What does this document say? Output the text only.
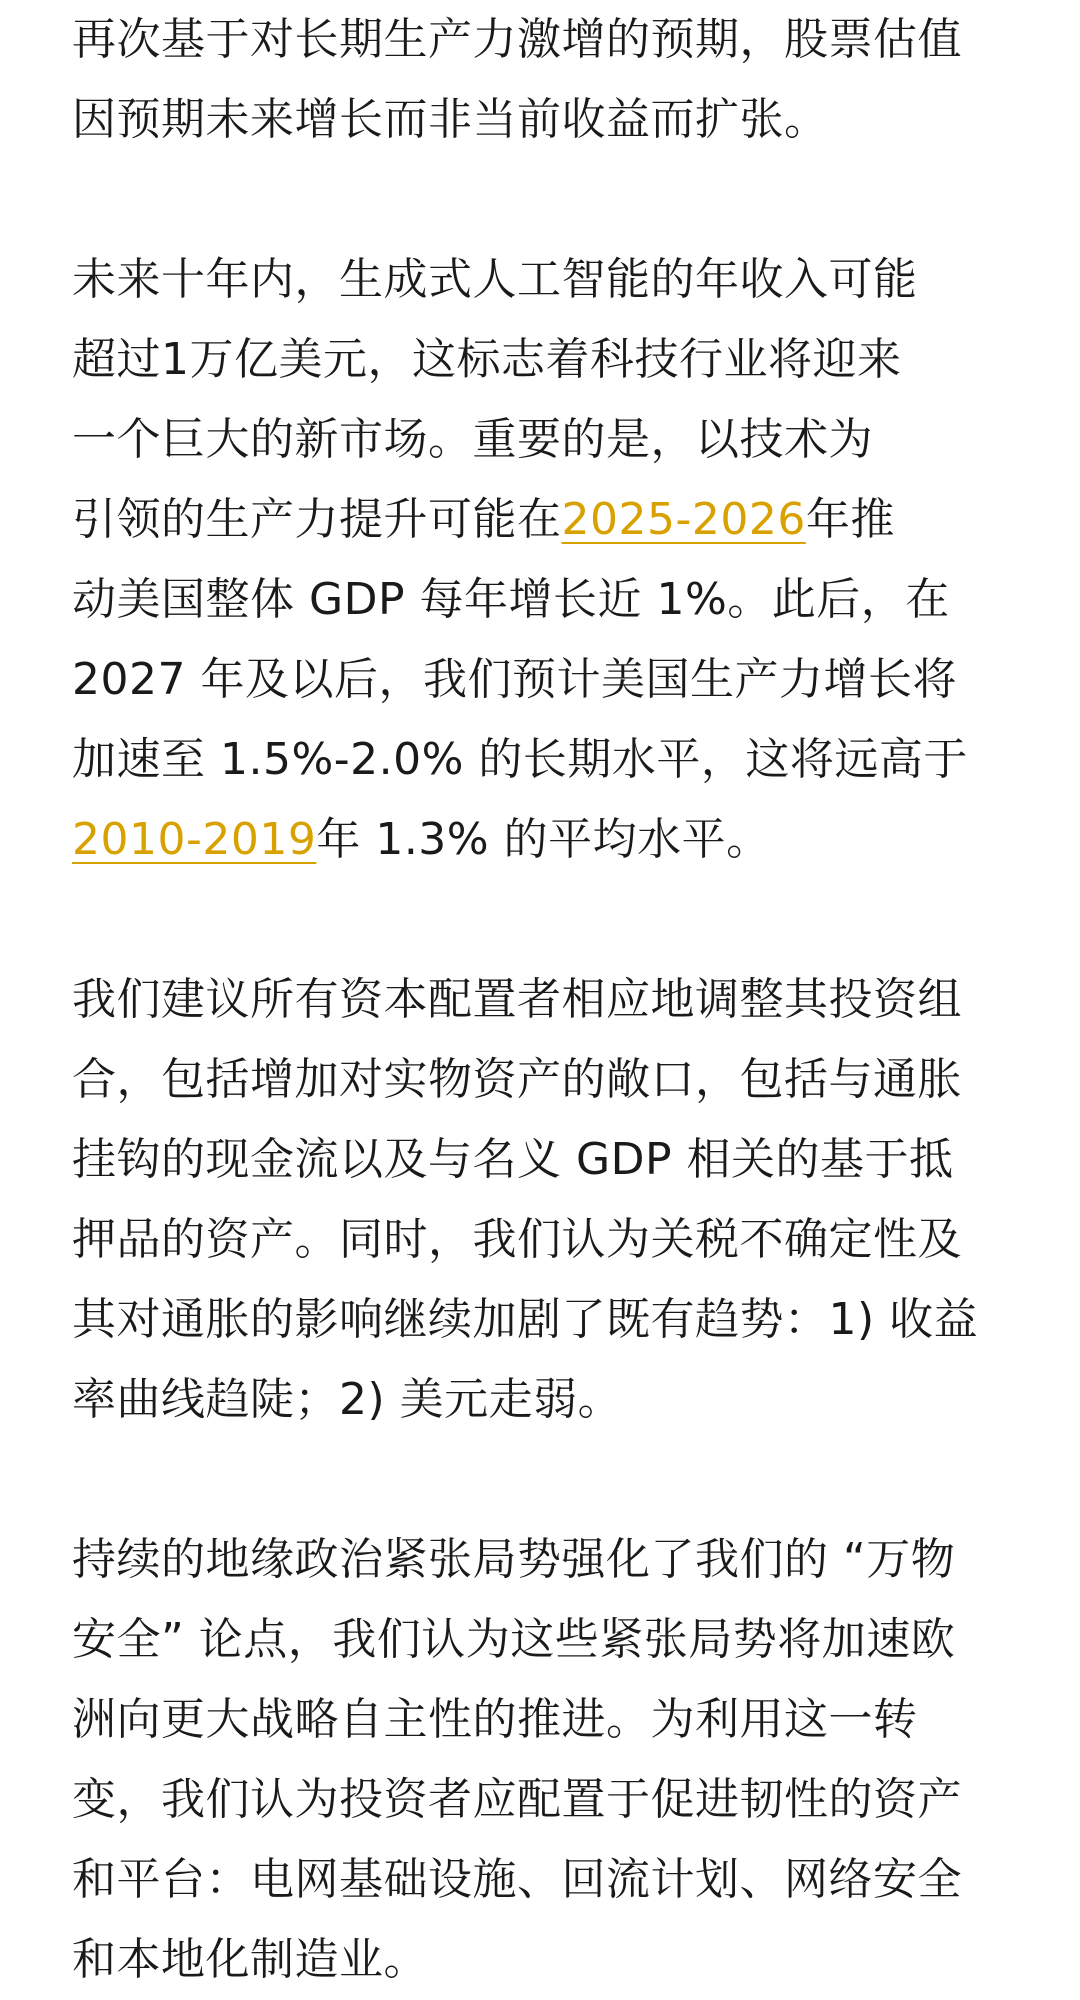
再次基于对长期生产力激增的预期，股票估值
因预期未来增长而非当前收益而扩张。
未来十年内，生成式人工智能的年收入可能
超过1万亿美元，这标志着科技行业将迎来
一个巨大的新市场。重要的是，以技术为
引领的生产力提升可能在2025-2026年推
动美国整体 GDP 每年增长近 1%。此后，在
2027 年及以后，我们预计美国生产力增长将
加速至 1.5%-2.0% 的长期水平，这将远高于
2010-2019年 1.3% 的平均水平。
我们建议所有资本配置者相应地调整其投资组
合，包括增加对实物资产的敞口，包括与通胀
挂钩的现金流以及与名义 GDP 相关的基于抵
押品的资产。同时，我们认为关税不确定性及
其对通胀的影响继续加剧了既有趋势：1) 收益
率曲线趋陡；2) 美元走弱。
持续的地缘政治紧张局势强化了我们的 “万物
安全” 论点，我们认为这些紧张局势将加速欧
洲向更大战略自主性的推进。为利用这一转
变，我们认为投资者应配置于促进韧性的资产
和平台：电网基础设施、回流计划、网络安全
和本地化制造业。
